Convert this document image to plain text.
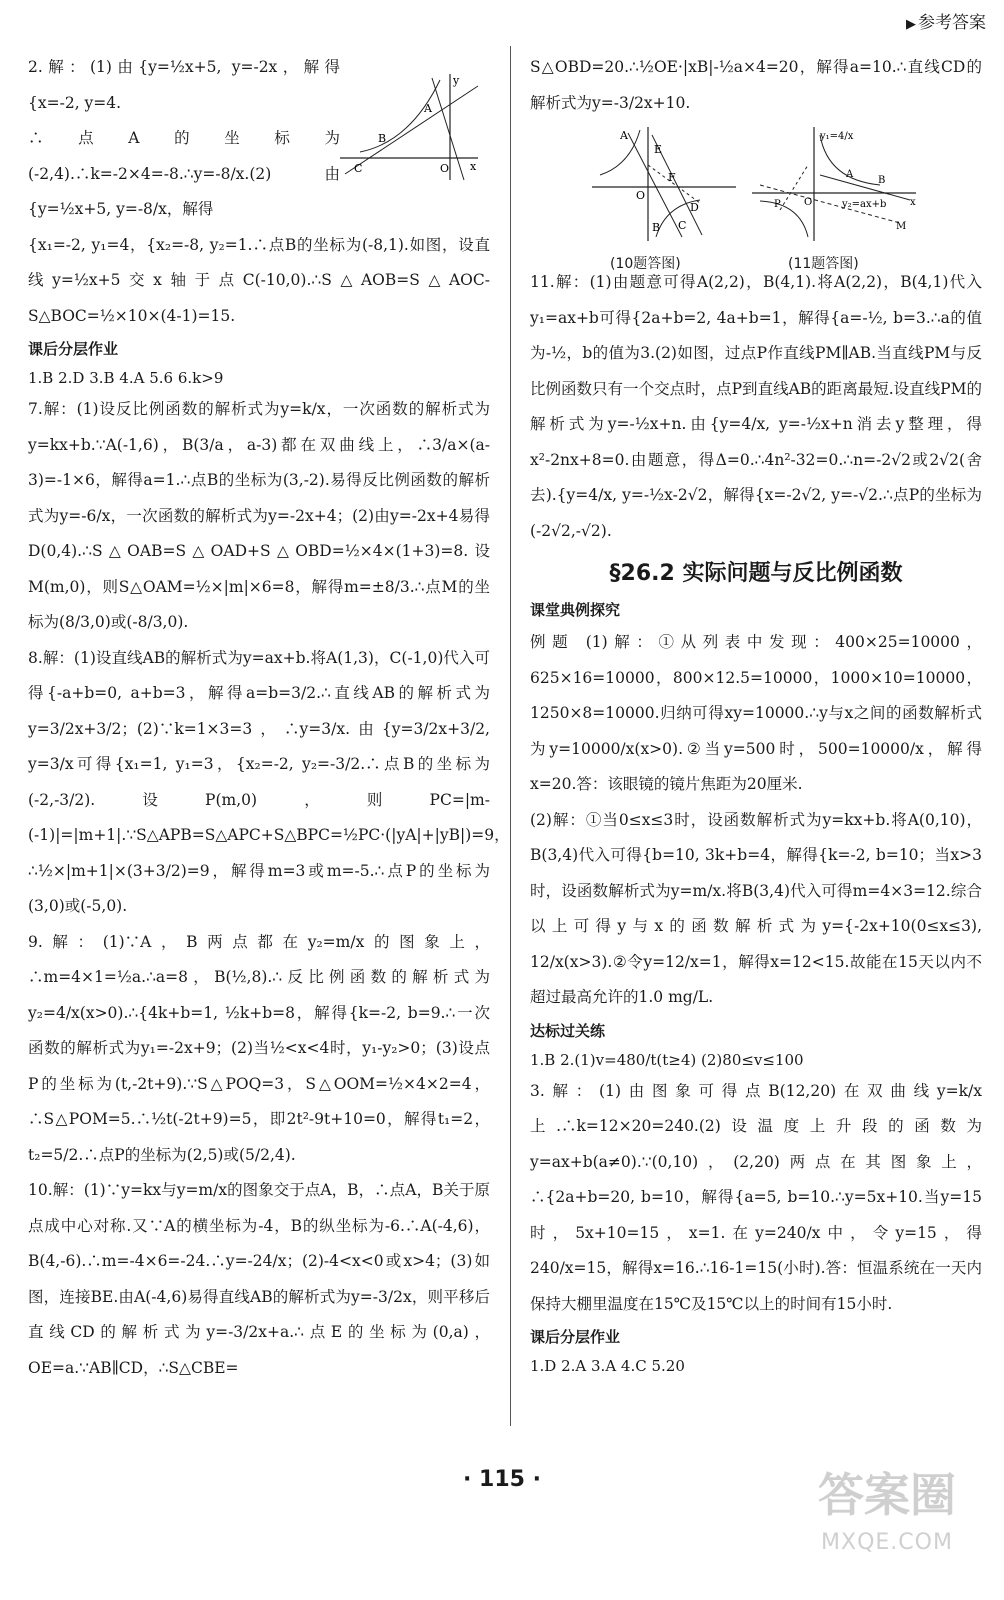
▶ 参考答案
C
B
A
O x
y

2.解：(1)由{y=½x+5, y=-2x，解得{x=-2, y=4.

∴点A的坐标为(-2,4).∴k=-2×4=-8.∴y=-8/x.(2)由{y=½x+5, y=-8/x，解得

{x₁=-2, y₁=4，{x₂=-8, y₂=1.∴点B的坐标为(-8,1).如图，设直线y=½x+5交x轴于点C(-10,0).∴S△AOB=S△AOC-S△BOC=½×10×(4-1)=15.

课后分层作业
1.B 2.D 3.B 4.A 5.6 6.k>9

7.解：(1)设反比例函数的解析式为y=k/x，一次函数的解析式为y=kx+b.∵A(-1,6)，B(3/a，a-3)都在双曲线上，∴3/a×(a-3)=-1×6，解得a=1.∴点B的坐标为(3,-2).易得反比例函数的解析式为y=-6/x，一次函数的解析式为y=-2x+4；(2)由y=-2x+4易得D(0,4).∴S△OAB=S△OAD+S△OBD=½×4×(1+3)=8.设M(m,0)，则S△OAM=½×|m|×6=8，解得m=±8/3.∴点M的坐标为(8/3,0)或(-8/3,0).

8.解：(1)设直线AB的解析式为y=ax+b.将A(1,3)，C(-1,0)代入可得{-a+b=0, a+b=3，解得a=b=3/2.∴直线AB的解析式为y=3/2x+3/2；(2)∵k=1×3=3，∴y=3/x.由{y=3/2x+3/2, y=3/x可得{x₁=1, y₁=3，{x₂=-2, y₂=-3/2.∴点B的坐标为(-2,-3/2).设P(m,0)，则PC=|m-(-1)|=|m+1|.∵S△APB=S△APC+S△BPC=½PC·(|yA|+|yB|)=9，∴½×|m+1|×(3+3/2)=9，解得m=3或m=-5.∴点P的坐标为(3,0)或(-5,0).

9.解：(1)∵A，B两点都在y₂=m/x的图象上，∴m=4×1=½a.∴a=8，B(½,8).∴反比例函数的解析式为y₂=4/x(x>0).∴{4k+b=1, ½k+b=8，解得{k=-2, b=9.∴一次函数的解析式为y₁=-2x+9；(2)当½<x<4时，y₁-y₂>0；(3)设点P的坐标为(t,-2t+9).∵S△POQ=3，S△OOM=½×4×2=4，∴S△POM=5.∴½t(-2t+9)=5，即2t²-9t+10=0，解得t₁=2，t₂=5/2.∴点P的坐标为(2,5)或(5/2,4).

10.解：(1)∵y=kx与y=m/x的图象交于点A，B，∴点A，B关于原点成中心对称.又∵A的横坐标为-4，B的纵坐标为-6.∴A(-4,6)，B(4,-6).∴m=-4×6=-24.∴y=-24/x；(2)-4<x<0或x>4；(3)如图，连接BE.由A(-4,6)易得直线AB的解析式为y=-3/2x，则平移后直线CD的解析式为y=-3/2x+a.∴点E的坐标为(0,a)，OE=a.∵AB∥CD，∴S△CBE=

S△OBD=20.∴½OE·|xB|-½a×4=20，解得a=10.∴直线CD的解析式为y=-3/2x+10.

A
E
F
O
D
B C
y₁=4/x
A
B
O	y₂=ax+b
P
M
x
(10题答图)	(11题答图)

11.解：(1)由题意可得A(2,2)，B(4,1).将A(2,2)，B(4,1)代入y₁=ax+b可得{2a+b=2, 4a+b=1，解得{a=-½, b=3.∴a的值为-½，b的值为3.(2)如图，过点P作直线PM∥AB.当直线PM与反比例函数只有一个交点时，点P到直线AB的距离最短.设直线PM的解析式为y=-½x+n.由{y=4/x, y=-½x+n消去y整理，得x²-2nx+8=0.由题意，得Δ=0.∴4n²-32=0.∴n=-2√2或2√2(舍去).{y=4/x, y=-½x-2√2，解得{x=-2√2, y=-√2.∴点P的坐标为(-2√2,-√2).

§26.2 实际问题与反比例函数
课堂典例探究

例题 (1)解：①从列表中发现：400×25=10000，625×16=10000，800×12.5=10000，1000×10=10000，1250×8=10000.归纳可得xy=10000.∴y与x之间的函数解析式为y=10000/x(x>0).②当y=500时，500=10000/x，解得x=20.答：该眼镜的镜片焦距为20厘米.

(2)解：①当0≤x≤3时，设函数解析式为y=kx+b.将A(0,10)，B(3,4)代入可得{b=10, 3k+b=4，解得{k=-2, b=10；当x>3时，设函数解析式为y=m/x.将B(3,4)代入可得m=4×3=12.综合以上可得y与x的函数解析式为y={-2x+10(0≤x≤3), 12/x(x>3).②令y=12/x=1，解得x=12<15.故能在15天以内不超过最高允许的1.0 mg/L.

达标过关练
1.B 2.(1)v=480/t(t≥4) (2)80≤v≤100

3.解：(1)由图象可得点B(12,20)在双曲线y=k/x上.∴k=12×20=240.(2)设温度上升段的函数为y=ax+b(a≠0).∵(0,10)，(2,20)两点在其图象上，∴{2a+b=20, b=10，解得{a=5, b=10.∴y=5x+10.当y=15时，5x+10=15，x=1.在y=240/x中，令y=15，得240/x=15，解得x=16.∴16-1=15(小时).答：恒温系统在一天内保持大棚里温度在15℃及15℃以上的时间有15小时.

课后分层作业
1.D 2.A 3.A 4.C 5.20
· 115 ·	答案圈
MXQE.COM
